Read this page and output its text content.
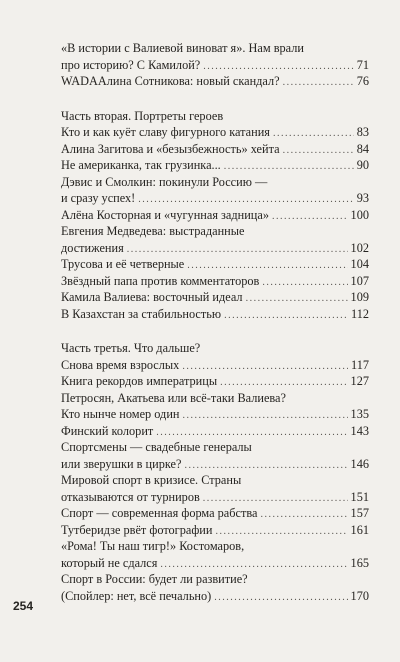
«В истории с Валиевой виноват я». Нам врали
про историю? С Камилой? .....	71
WADAАлина Сотникова: новый скандал? .....	76
Часть вторая. Портреты героев
Кто и как куёт славу фигурного катания .....	83
Алина Загитова и «безызбежность» хейта .....	84
Не американка, так грузинка... .....	90
Дэвис и Смолкин: покинули Россию —
и сразу успех! .....	93
Алёна Косторная и «чугунная задница» .....	100
Евгения Медведева: выстраданные
достижения .....	102
Трусова и её четверные .....	104
Звёздный папа против комментаторов .....	107
Камила Валиева: восточный идеал .....	109
В Казахстан за стабильностью .....	112
Часть третья. Что дальше?
Снова время взрослых .....	117
Книга рекордов императрицы .....	127
Петросян, Акатьева или всё-таки Валиева?
Кто нынче номер один .....	135
Финский колорит .....	143
Спортсмены — свадебные генералы
или зверушки в цирке? .....	146
Мировой спорт в кризисе. Страны
отказываются от турниров .....	151
Спорт — современная форма рабства .....	157
Тутберидзе рвёт фотографии .....	161
«Рома! Ты наш тигр!» Костомаров,
который не сдался .....	165
Спорт в России: будет ли развитие?
(Спойлер: нет, всё печально) .....	170
254
